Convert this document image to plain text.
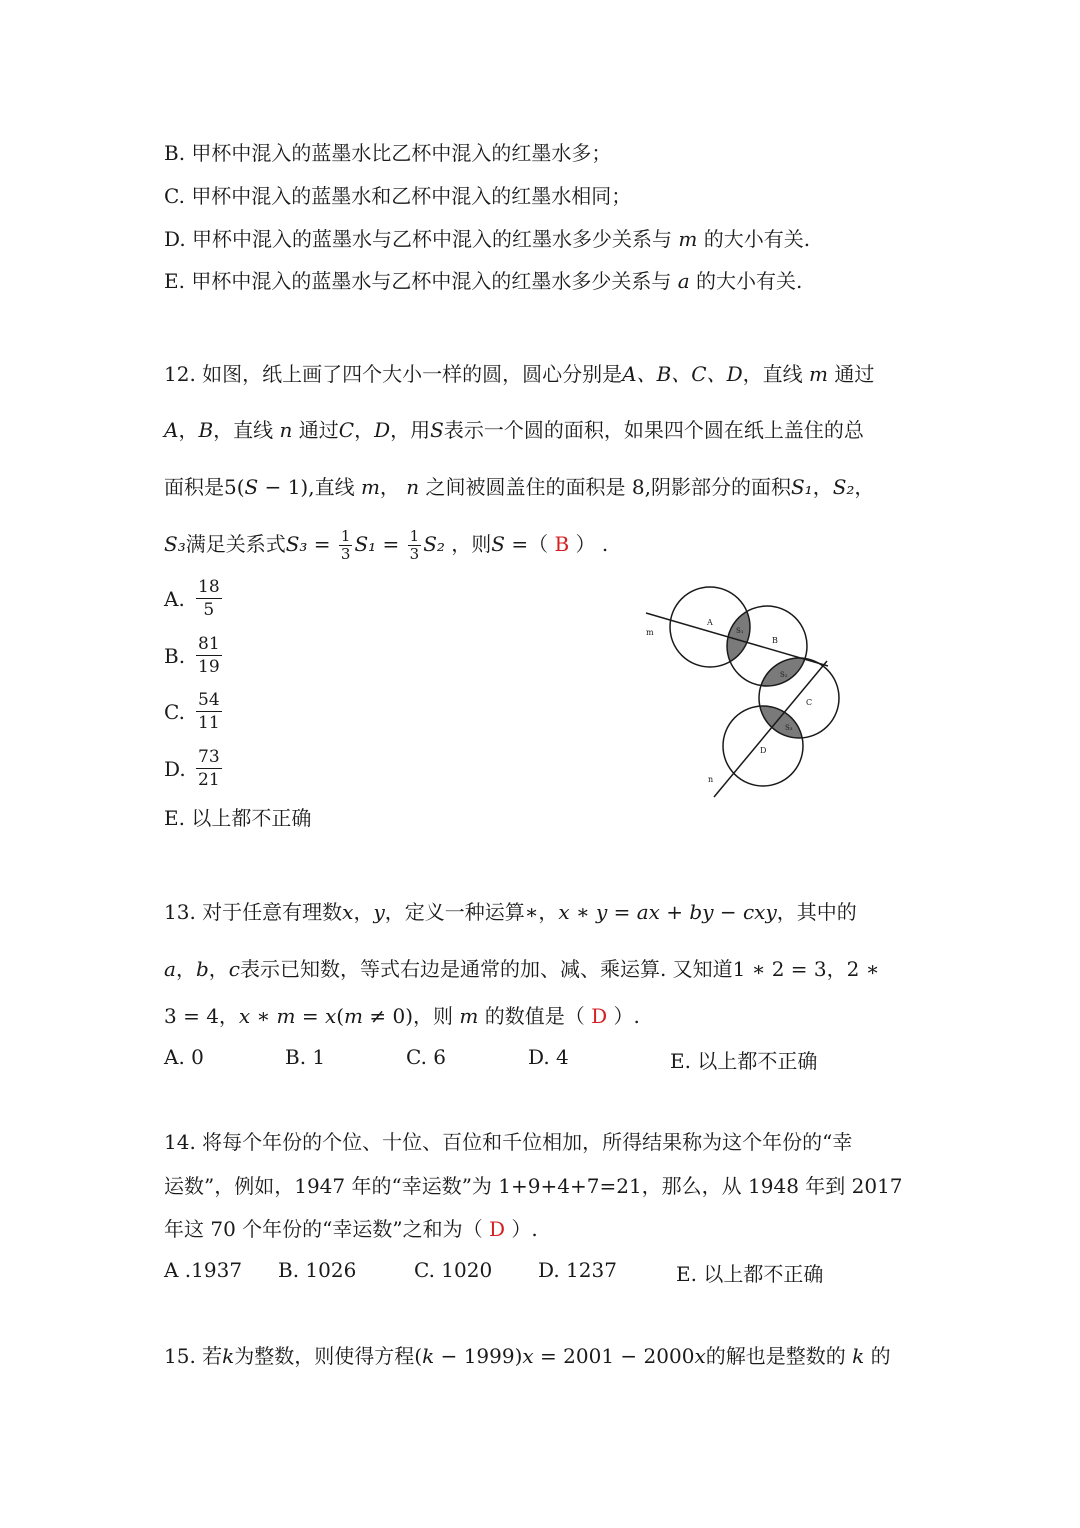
B. 甲杯中混入的蓝墨水比乙杯中混入的红墨水多；
C. 甲杯中混入的蓝墨水和乙杯中混入的红墨水相同；
D. 甲杯中混入的蓝墨水与乙杯中混入的红墨水多少关系与 m 的大小有关.
E. 甲杯中混入的蓝墨水与乙杯中混入的红墨水多少关系与 a 的大小有关.
12. 如图，纸上画了四个大小一样的圆，圆心分别是A、B、C、D，直线 m 通过
A，B，直线 n 通过C，D，用S表示一个圆的面积，如果四个圆在纸上盖住的总
面积是5(S − 1),直线 m， n 之间被圆盖住的面积是 8,阴影部分的面积S₁，S₂，
S₃满足关系式$S_3 = \frac{1}{3} S_1 = \frac{1}{3} S_2$ ，则S =（ B ） .
A. $\frac{18}{5}$
B. $\frac{81}{19}$
C. $\frac{54}{11}$
D. $\frac{73}{21}$
E. 以上都不正确
m
n
A
B
C
D
S₁
S₂
S₃
13. 对于任意有理数x，y，定义一种运算∗，x ∗ y = ax + by − cxy，其中的
a，b，c表示已知数，等式右边是通常的加、减、乘运算. 又知道1 ∗ 2 = 3，2 ∗
3 = 4，x ∗ m = x(m ≠ 0)，则 m 的数值是（ D ）.
A. 0	B. 1	C. 6	D. 4	E. 以上都不正确
14. 将每个年份的个位、十位、百位和千位相加，所得结果称为这个年份的“幸
运数”，例如，1947 年的“幸运数”为 1+9+4+7=21，那么，从 1948 年到 2017
年这 70 个年份的“幸运数”之和为（ D ）.
A .1937 B. 1026	C. 1020 D. 1237	E. 以上都不正确
15. 若k为整数，则使得方程(k − 1999)x = 2001 − 2000x的解也是整数的 k 的
